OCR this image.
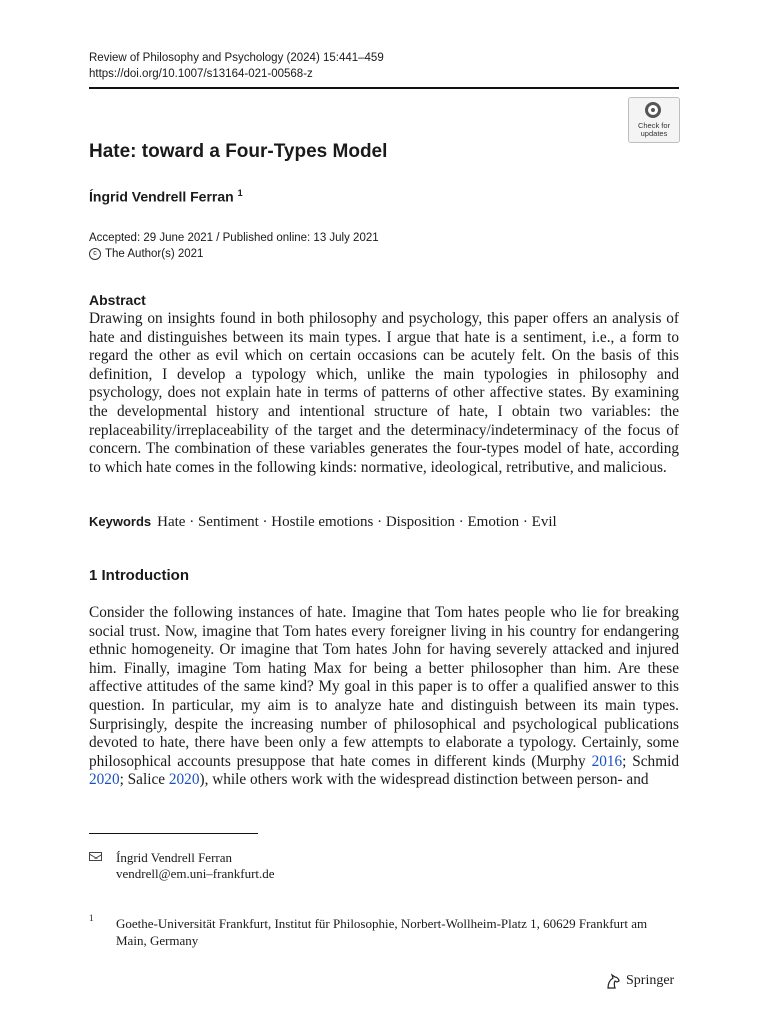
Review of Philosophy and Psychology (2024) 15:441–459
https://doi.org/10.1007/s13164-021-00568-z
Check for
updates
Hate: toward a Four-Types Model
Íngrid Vendrell Ferran $^1$
Accepted: 29 June 2021 / Published online: 13 July 2021
c The Author(s) 2021
Abstract
Drawing on insights found in both philosophy and psychology, this paper offers an analysis of hate and distinguishes between its main types. I argue that hate is a sentiment, i.e., a form to regard the other as evil which on certain occasions can be acutely felt. On the basis of this definition, I develop a typology which, unlike the main typologies in philosophy and psychology, does not explain hate in terms of patterns of other affective states. By examining the developmental history and intentional structure of hate, I obtain two variables: the replaceability/irreplaceability of the target and the determinacy/indeterminacy of the focus of concern. The combination of these variables generates the four-types model of hate, according to which hate comes in the following kinds: normative, ideological, retributive, and malicious.
Keywords Hate · Sentiment · Hostile emotions · Disposition · Emotion · Evil
1 Introduction
Consider the following instances of hate. Imagine that Tom hates people who lie for breaking social trust. Now, imagine that Tom hates every foreigner living in his country for endangering ethnic homogeneity. Or imagine that Tom hates John for having severely attacked and injured him. Finally, imagine Tom hating Max for being a better philosopher than him. Are these affective attitudes of the same kind? My goal in this paper is to offer a qualified answer to this question. In particular, my aim is to analyze hate and distinguish between its main types. Surprisingly, despite the increasing number of philosophical and psychological publications devoted to hate, there have been only a few attempts to elaborate a typology. Certainly, some philosophical accounts presuppose that hate comes in different kinds (Murphy 2016; Schmid 2020; Salice 2020), while others work with the widespread distinction between person- and
Íngrid Vendrell Ferran
vendrell@em.uni–frankfurt.de
1 Goethe-Universität Frankfurt, Institut für Philosophie, Norbert-Wollheim-Platz 1, 60629 Frankfurt am Main, Germany
Springer
